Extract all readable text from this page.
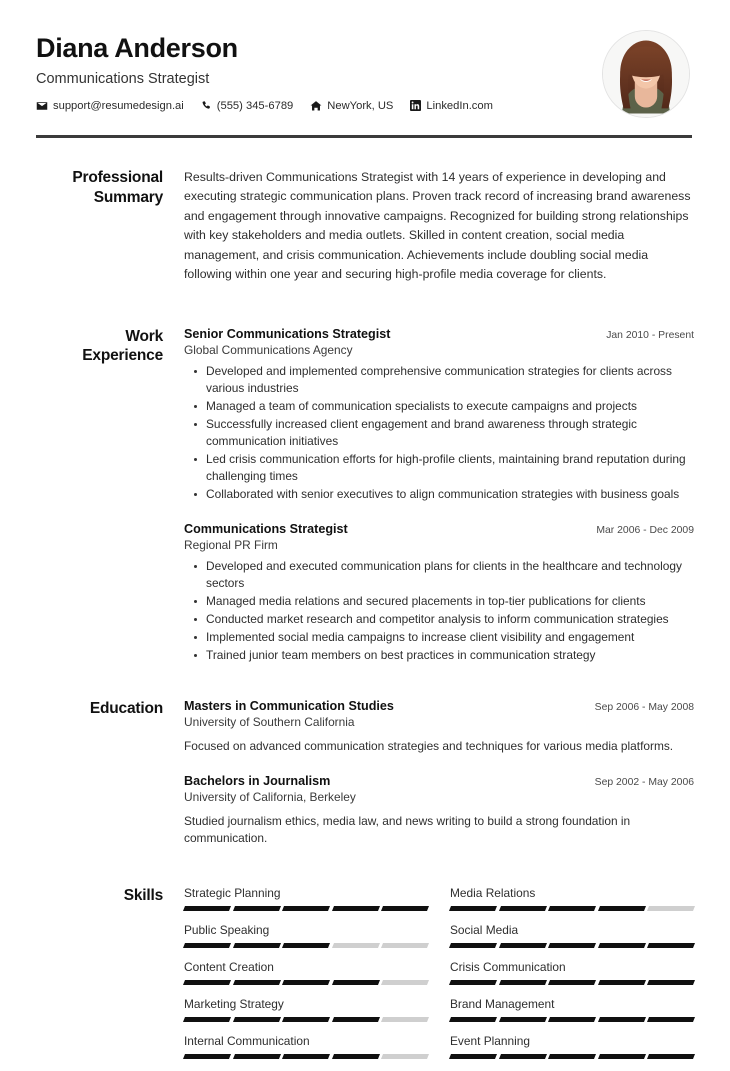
Diana Anderson
Communications Strategist
support@resumedesign.ai	(555) 345-6789	NewYork, US	LinkedIn.com
Professional
Summary

Results-driven Communications Strategist with 14 years of experience in developing and executing strategic communication plans. Proven track record of increasing brand awareness and engagement through innovative campaigns. Recognized for building strong relationships with key stakeholders and media outlets. Skilled in content creation, social media management, and crisis communication. Achievements include doubling social media following within one year and securing high-profile media coverage for clients.

Work
Experience
Senior Communications Strategist	Jan 2010 - Present
Global Communications Agency
Developed and implemented comprehensive communication strategies for clients across various industries
Managed a team of communication specialists to execute campaigns and projects
Successfully increased client engagement and brand awareness through strategic communication initiatives
Led crisis communication efforts for high-profile clients, maintaining brand reputation during challenging times
Collaborated with senior executives to align communication strategies with business goals
Communications Strategist	Mar 2006 - Dec 2009
Regional PR Firm
Developed and executed communication plans for clients in the healthcare and technology sectors
Managed media relations and secured placements in top-tier publications for clients
Conducted market research and competitor analysis to inform communication strategies
Implemented social media campaigns to increase client visibility and engagement
Trained junior team members on best practices in communication strategy
Education	Masters in Communication Studies	Sep 2006 - May 2008
University of Southern California
Focused on advanced communication strategies and techniques for various media platforms.
Bachelors in Journalism	Sep 2002 - May 2006
University of California, Berkeley
Studied journalism ethics, media law, and news writing to build a strong foundation in communication.
Skills	Strategic Planning	Media Relations
Public Speaking	Social Media
Content Creation	Crisis Communication
Marketing Strategy	Brand Management
Internal Communication	Event Planning
